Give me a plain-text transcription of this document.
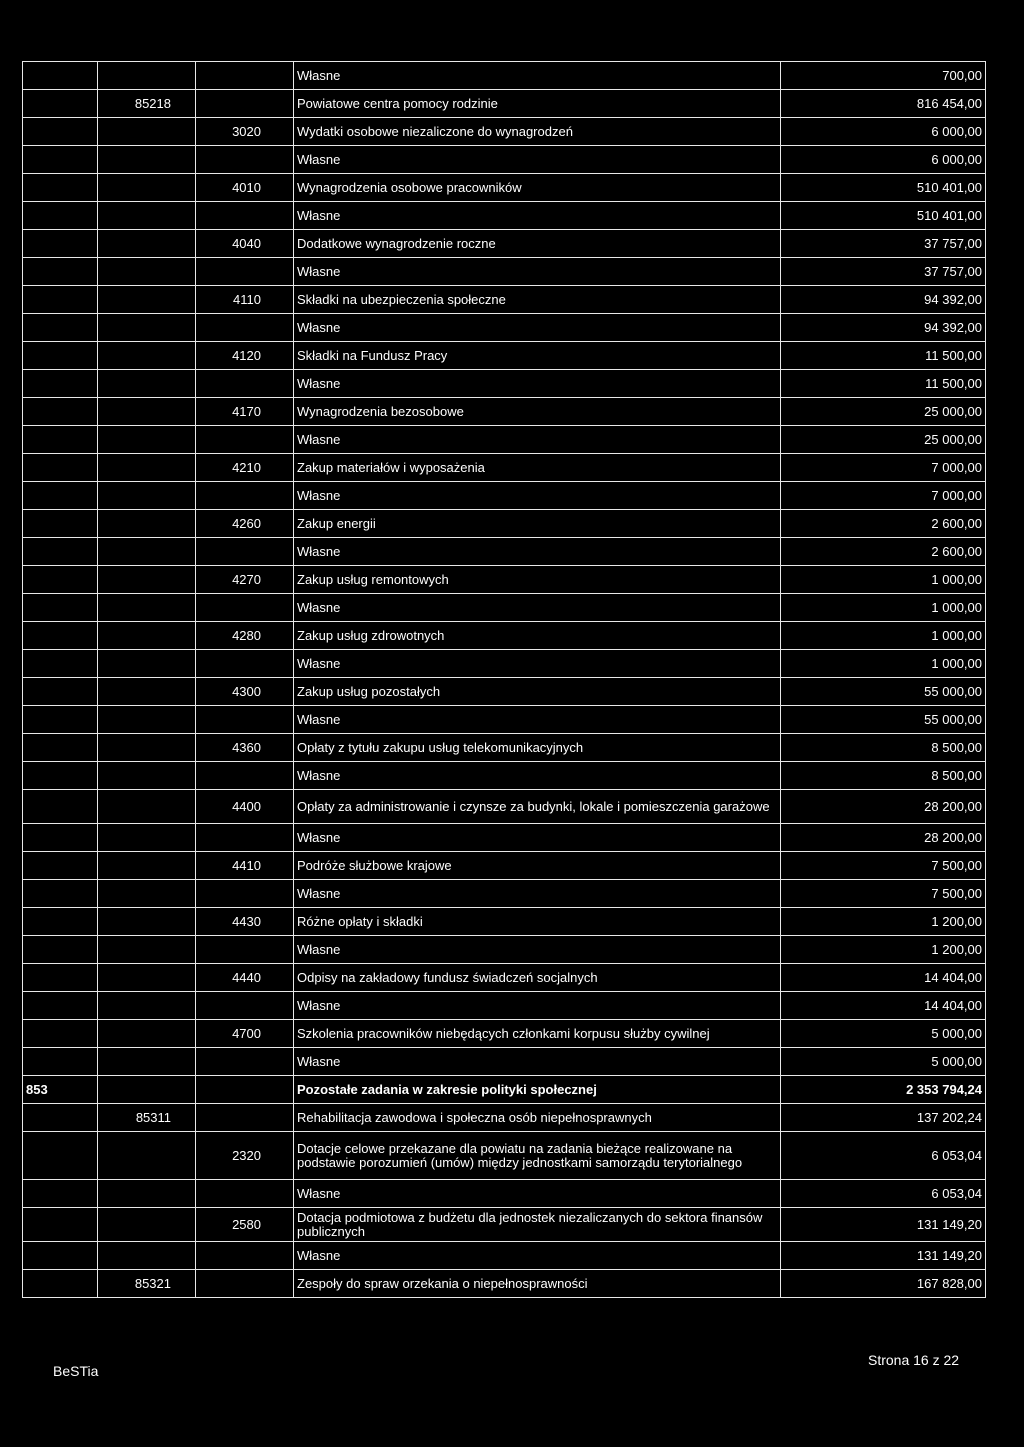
			Własne	700,00
	85218		Powiatowe centra pomocy rodzinie	816 454,00
		3020	Wydatki osobowe niezaliczone do wynagrodzeń	6 000,00
			Własne	6 000,00
		4010	Wynagrodzenia osobowe pracowników	510 401,00
			Własne	510 401,00
		4040	Dodatkowe wynagrodzenie roczne	37 757,00
			Własne	37 757,00
		4110	Składki na ubezpieczenia społeczne	94 392,00
			Własne	94 392,00
		4120	Składki na Fundusz Pracy	11 500,00
			Własne	11 500,00
		4170	Wynagrodzenia bezosobowe	25 000,00
			Własne	25 000,00
		4210	Zakup materiałów i wyposażenia	7 000,00
			Własne	7 000,00
		4260	Zakup energii	2 600,00
			Własne	2 600,00
		4270	Zakup usług remontowych	1 000,00
			Własne	1 000,00
		4280	Zakup usług zdrowotnych	1 000,00
			Własne	1 000,00
		4300	Zakup usług pozostałych	55 000,00
			Własne	55 000,00
		4360	Opłaty z tytułu zakupu usług telekomunikacyjnych	8 500,00
			Własne	8 500,00
		4400	Opłaty za administrowanie i czynsze za budynki, lokale i pomieszczenia garażowe	28 200,00
			Własne	28 200,00
		4410	Podróże służbowe krajowe	7 500,00
			Własne	7 500,00
		4430	Różne opłaty i składki	1 200,00
			Własne	1 200,00
		4440	Odpisy na zakładowy fundusz świadczeń socjalnych	14 404,00
			Własne	14 404,00
		4700	Szkolenia pracowników niebędących członkami korpusu służby cywilnej	5 000,00
			Własne	5 000,00
853			Pozostałe zadania w zakresie polityki społecznej	2 353 794,24
	85311		Rehabilitacja zawodowa i społeczna osób niepełnosprawnych	137 202,24
		2320	Dotacje celowe przekazane dla powiatu na zadania bieżące realizowane na podstawie porozumień (umów) między jednostkami samorządu terytorialnego	6 053,04
			Własne	6 053,04
		2580	Dotacja podmiotowa z budżetu dla jednostek niezaliczanych do sektora finansów publicznych	131 149,20
			Własne	131 149,20
	85321		Zespoły do spraw orzekania o niepełnosprawności	167 828,00
BeSTia
Strona 16 z 22
